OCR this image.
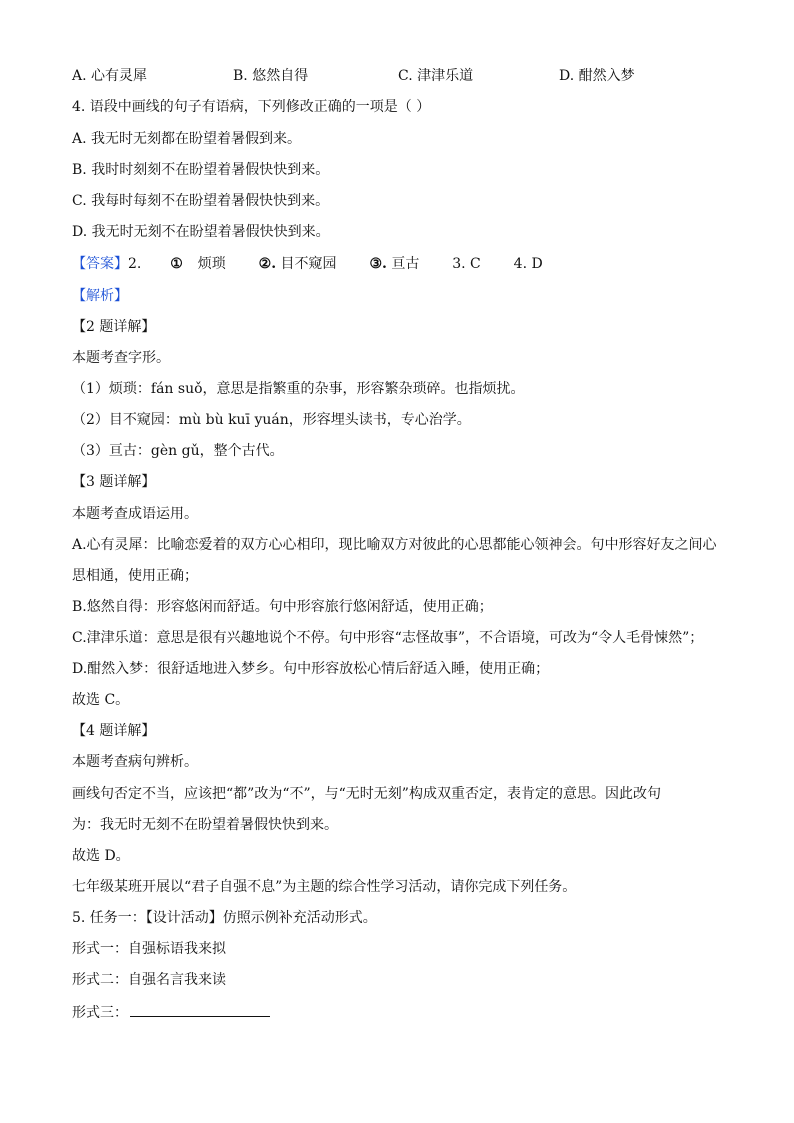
A. 心有灵犀	B. 悠然自得	C. 津津乐道	D. 酣然入梦
4. 语段中画线的句子有语病，下列修改正确的一项是（ ）
A. 我无时无刻都在盼望着暑假到来。
B. 我时时刻刻不在盼望着暑假快快到来。
C. 我每时每刻不在盼望着暑假快快到来。
D. 我无时无刻不在盼望着暑假快快到来。
【答案】2. ① 烦琐 ②. 目不窥园 ③. 亘古 3. C 4. D
【解析】
【2 题详解】
本题考查字形。
（1）烦琐：fán suǒ，意思是指繁重的杂事，形容繁杂琐碎。也指烦扰。
（2）目不窥园：mù bù kuī yuán，形容埋头读书，专心治学。
（3）亘古：gèn gǔ，整个古代。
【3 题详解】
本题考查成语运用。
A.心有灵犀：比喻恋爱着的双方心心相印，现比喻双方对彼此的心思都能心领神会。句中形容好友之间心
思相通，使用正确；
B.悠然自得：形容悠闲而舒适。句中形容旅行悠闲舒适，使用正确；
C.津津乐道：意思是很有兴趣地说个不停。句中形容“志怪故事”，不合语境，可改为“令人毛骨悚然”；
D.酣然入梦：很舒适地进入梦乡。句中形容放松心情后舒适入睡，使用正确；
故选 C。
【4 题详解】
本题考查病句辨析。
画线句否定不当，应该把“都”改为“不”，与“无时无刻”构成双重否定，表肯定的意思。因此改句
为：我无时无刻不在盼望着暑假快快到来。
故选 D。
七年级某班开展以“君子自强不息”为主题的综合性学习活动，请你完成下列任务。
5. 任务一：【设计活动】仿照示例补充活动形式。
形式一：自强标语我来拟
形式二：自强名言我来读
形式三：
